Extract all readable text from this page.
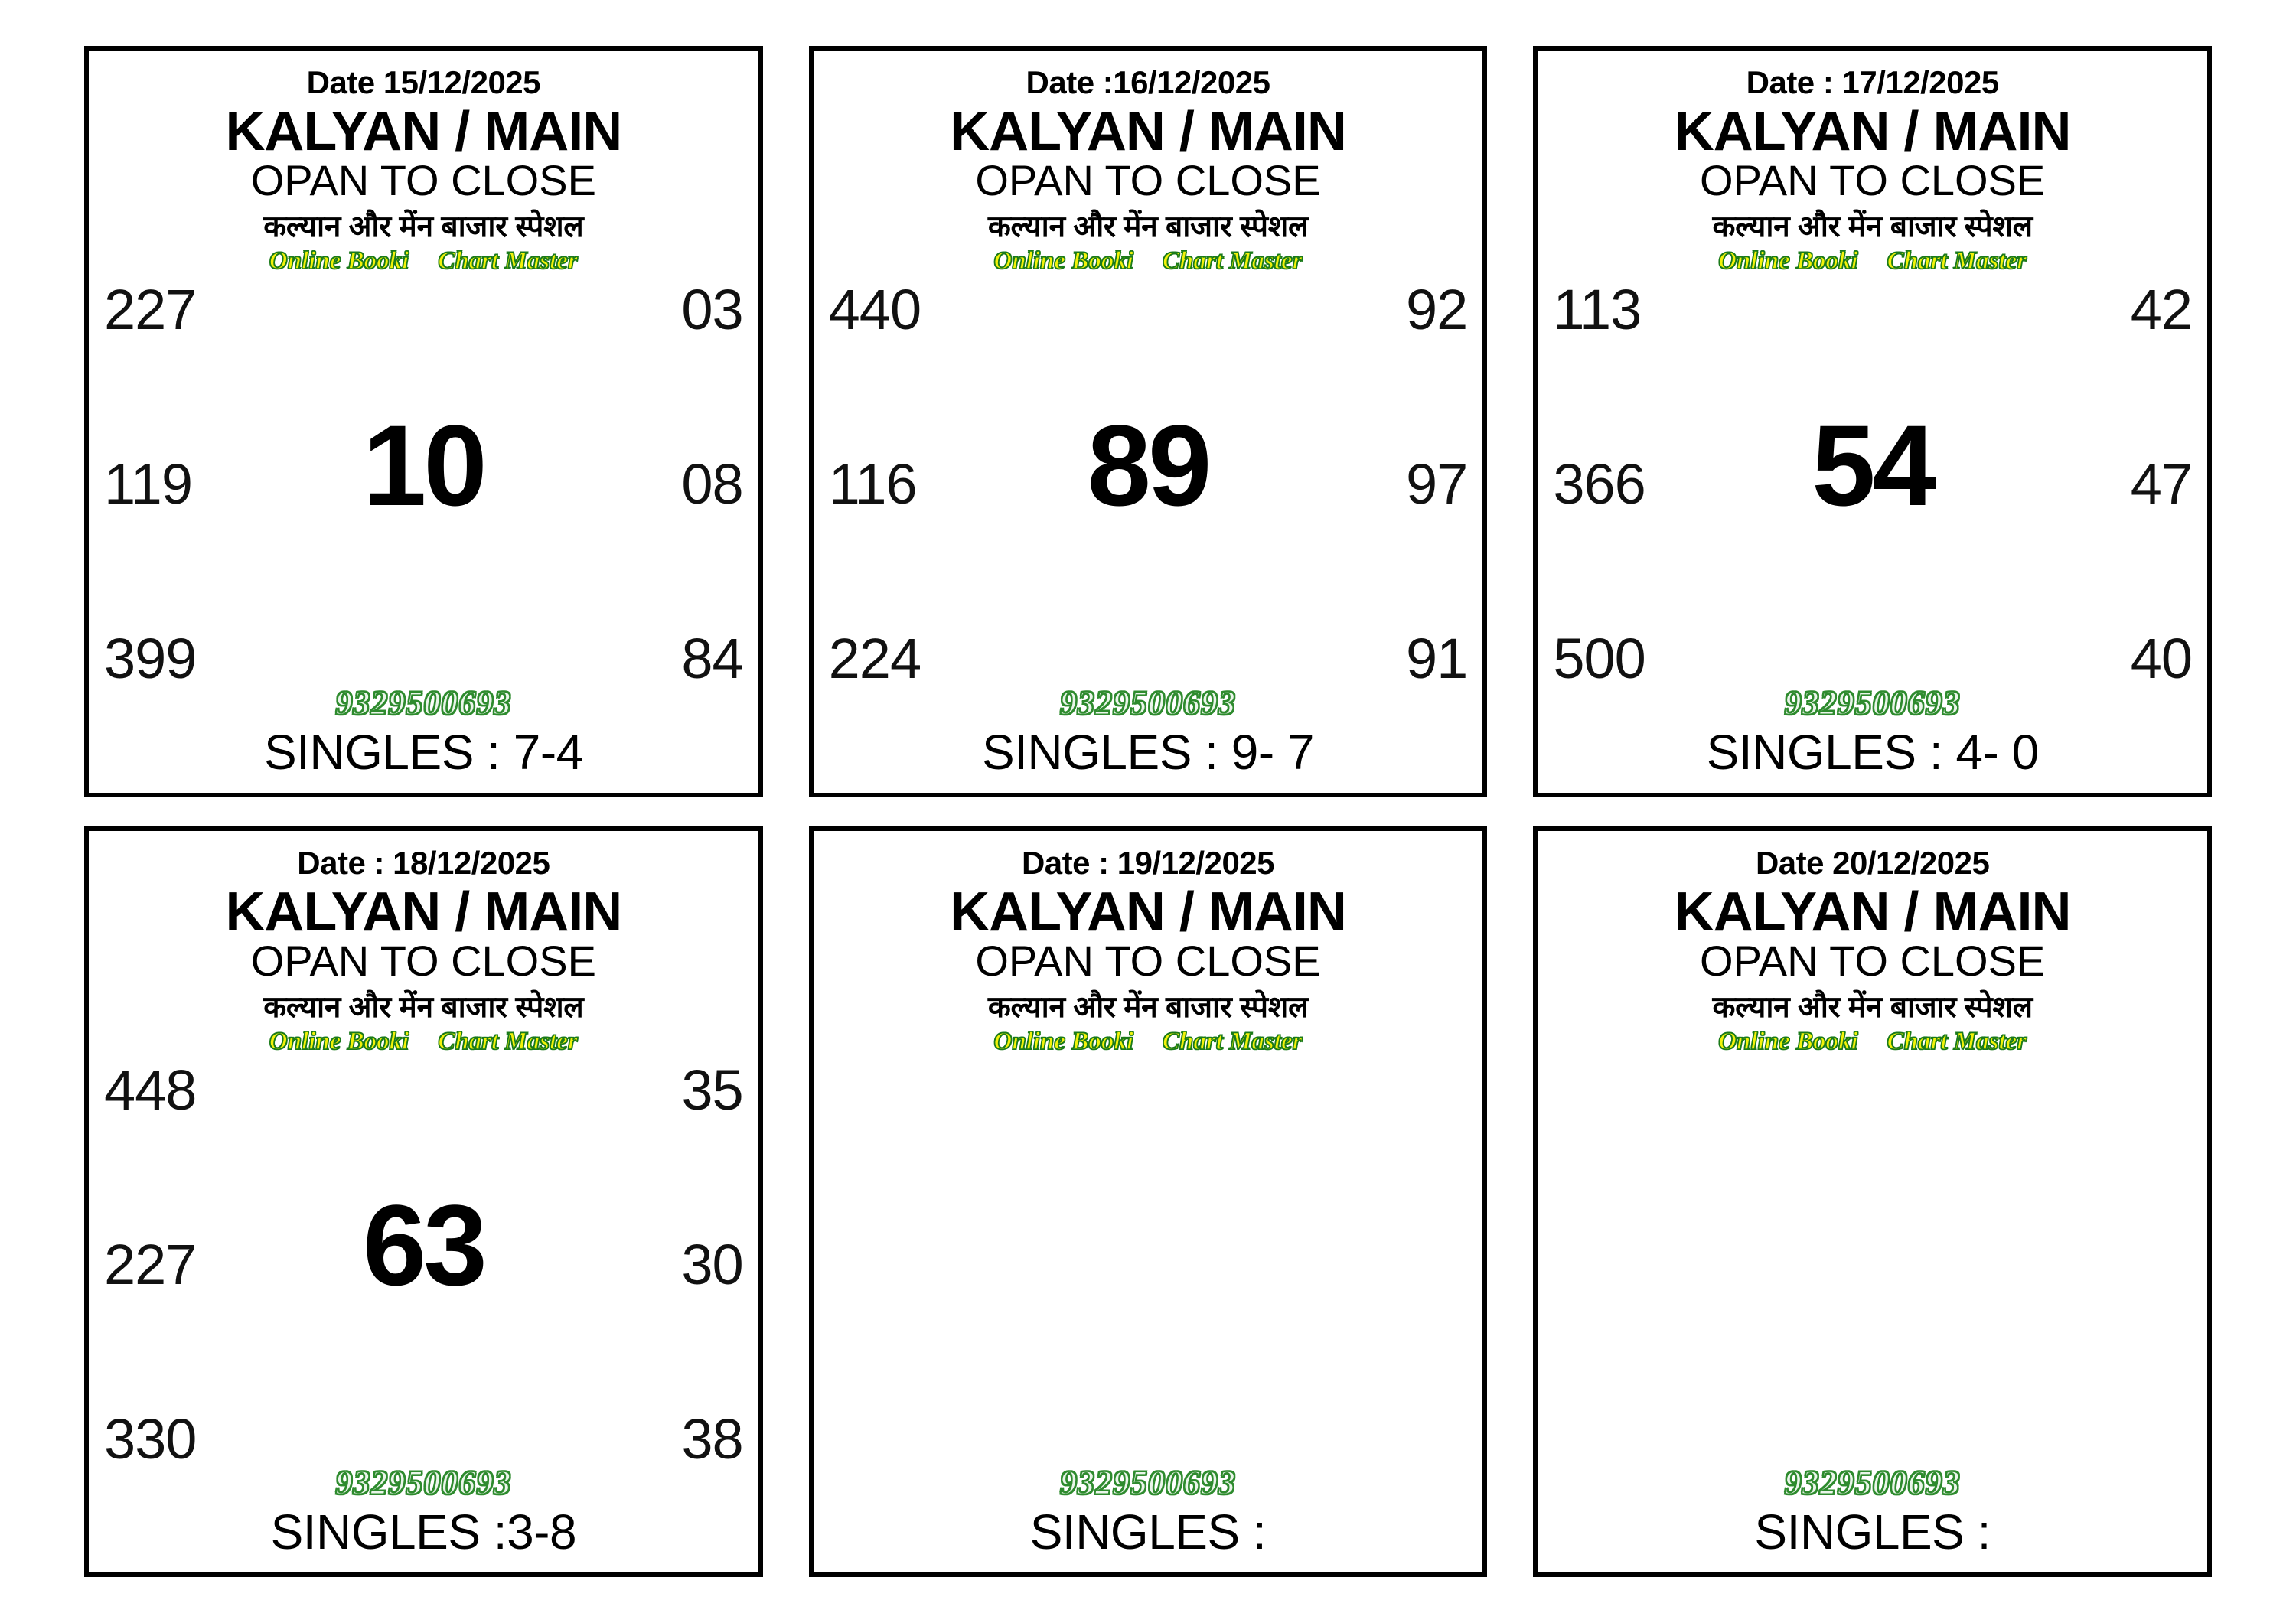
Date 15/12/2025
KALYAN / MAIN
OPAN TO CLOSE
कल्यान और मेंन बाजार स्पेशल
Online Booki Chart Master
10
227	03
119	08
399	84
9329500693
SINGLES : 7-4
Date :16/12/2025
KALYAN / MAIN
OPAN TO CLOSE
कल्यान और मेंन बाजार स्पेशल
Online Booki Chart Master
89
440	92
116	97
224	91
9329500693
SINGLES : 9- 7
Date : 17/12/2025
KALYAN / MAIN
OPAN TO CLOSE
कल्यान और मेंन बाजार स्पेशल
Online Booki Chart Master
54
113	42
366	47
500	40
9329500693
SINGLES : 4- 0
Date : 18/12/2025
KALYAN / MAIN
OPAN TO CLOSE
कल्यान और मेंन बाजार स्पेशल
Online Booki Chart Master
63
448	35
227	30
330	38
9329500693
SINGLES :3-8
Date : 19/12/2025
KALYAN / MAIN
OPAN TO CLOSE
कल्यान और मेंन बाजार स्पेशल
Online Booki Chart Master
9329500693
SINGLES :
Date 20/12/2025
KALYAN / MAIN
OPAN TO CLOSE
कल्यान और मेंन बाजार स्पेशल
Online Booki Chart Master
9329500693
SINGLES :
